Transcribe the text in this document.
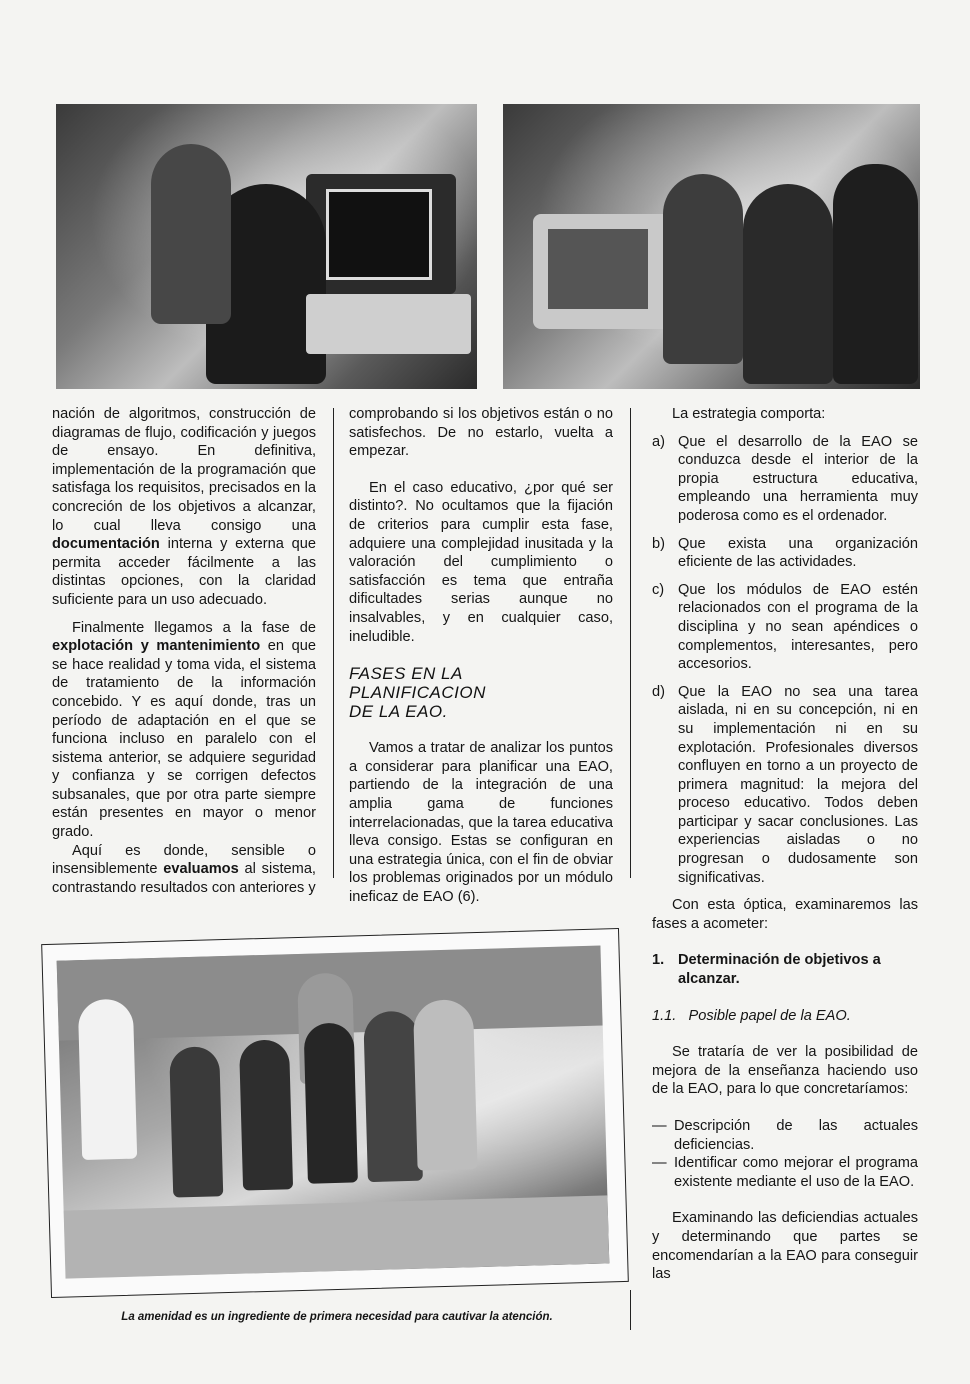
nación de algoritmos, construcción de diagramas de flujo, codificación y juegos de ensayo. En definitiva, implementación de la programación que satisfaga los requisitos, precisados en la concreción de los objetivos a alcanzar, lo cual lleva consigo una documentación interna y externa que permita acceder fácilmente a las distintas opciones, con la claridad suficiente para un uso adecuado.

Finalmente llegamos a la fase de explotación y mantenimiento en que se hace realidad y toma vida, el sistema de tratamiento de la información concebido. Y es aquí donde, tras un período de adaptación en el que se funciona incluso en paralelo con el sistema anterior, se adquiere seguridad y confianza y se corrigen defectos subsanales, que por otra parte siempre están presentes en mayor o menor grado.

Aquí es donde, sensible o insensiblemente evaluamos al sistema, contrastando resultados con anteriores y

comprobando si los objetivos están o no satisfechos. De no estarlo, vuelta a empezar.

En el caso educativo, ¿por qué ser distinto?. No ocultamos que la fijación de criterios para cumplir esta fase, adquiere una complejidad inusitada y la valoración del cumplimiento o satisfacción es tema que entraña dificultades serias aunque no insalvables, y en cualquier caso, ineludible.

FASES EN LA

PLANIFICACION

DE LA EAO.

Vamos a tratar de analizar los puntos a considerar para planificar una EAO, partiendo de la integración de una amplia gama de funciones interrelacionadas, que la tarea educativa lleva consigo. Estas se configuran en una estrategia única, con el fin de obviar los problemas originados por un módulo ineficaz de EAO (6).

La estrategia comporta:

a) Que el desarrollo de la EAO se conduzca desde el interior de la propia estructura educativa, empleando una herramienta muy poderosa como es el ordenador.
b) Que exista una organización eficiente de las actividades.
c) Que los módulos de EAO estén relacionados con el programa de la disciplina y no sean apéndices o complementos, interesantes, pero accesorios.
d) Que la EAO no sea una tarea aislada, ni en su concepción, ni en su implementación ni en su explotación. Profesionales diversos confluyen en torno a un proyecto de primera magnitud: la mejora del proceso educativo. Todos deben participar y sacar conclusiones. Las experiencias aisladas o no progresan o dudosamente son significativas.

Con esta óptica, examinaremos las fases a acometer:

1. Determinación de objetivos a alcanzar.

1.1.   Posible papel de la EAO.

Se trataría de ver la posibilidad de mejora de la enseñanza haciendo uso de la EAO, para lo que concretaríamos:

— Descripción de las actuales deficiencias.
— Identificar como mejorar el programa existente mediante el uso de la EAO.

Examinando las deficiendias actuales y determinando que partes se encomendarían a la EAO para conseguir las

La amenidad es un ingrediente de primera necesidad para cautivar la atención.
